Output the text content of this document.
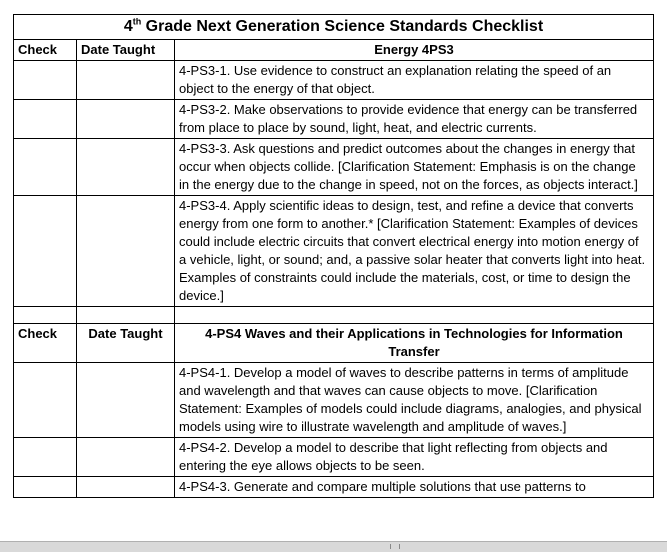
4th Grade Next Generation Science Standards Checklist		
Check	Date Taught	Energy 4PS3
		4-PS3-1. Use evidence to construct an explanation relating the speed of an object to the energy of that object.
		4-PS3-2. Make observations to provide evidence that energy can be transferred from place to place by sound, light, heat, and electric currents.
		4-PS3-3. Ask questions and predict outcomes about the changes in energy that occur when objects collide. [Clarification Statement: Emphasis is on the change in the energy due to the change in speed, not on the forces, as objects interact.]
		4-PS3-4. Apply scientific ideas to design, test, and refine a device that converts energy from one form to another.* [Clarification Statement: Examples of devices could include electric circuits that convert electrical energy into motion energy of a vehicle, light, or sound; and, a passive solar heater that converts light into heat. Examples of constraints could include the materials, cost, or time to design the device.]

Check	Date Taught	4-PS4 Waves and their Applications in Technologies for Information Transfer
		4-PS4-1. Develop a model of waves to describe patterns in terms of amplitude and wavelength and that waves can cause objects to move. [Clarification Statement: Examples of models could include diagrams, analogies, and physical models using wire to illustrate wavelength and amplitude of waves.]
		4-PS4-2. Develop a model to describe that light reflecting from objects and entering the eye allows objects to be seen.
		4-PS4-3. Generate and compare multiple solutions that use patterns to
